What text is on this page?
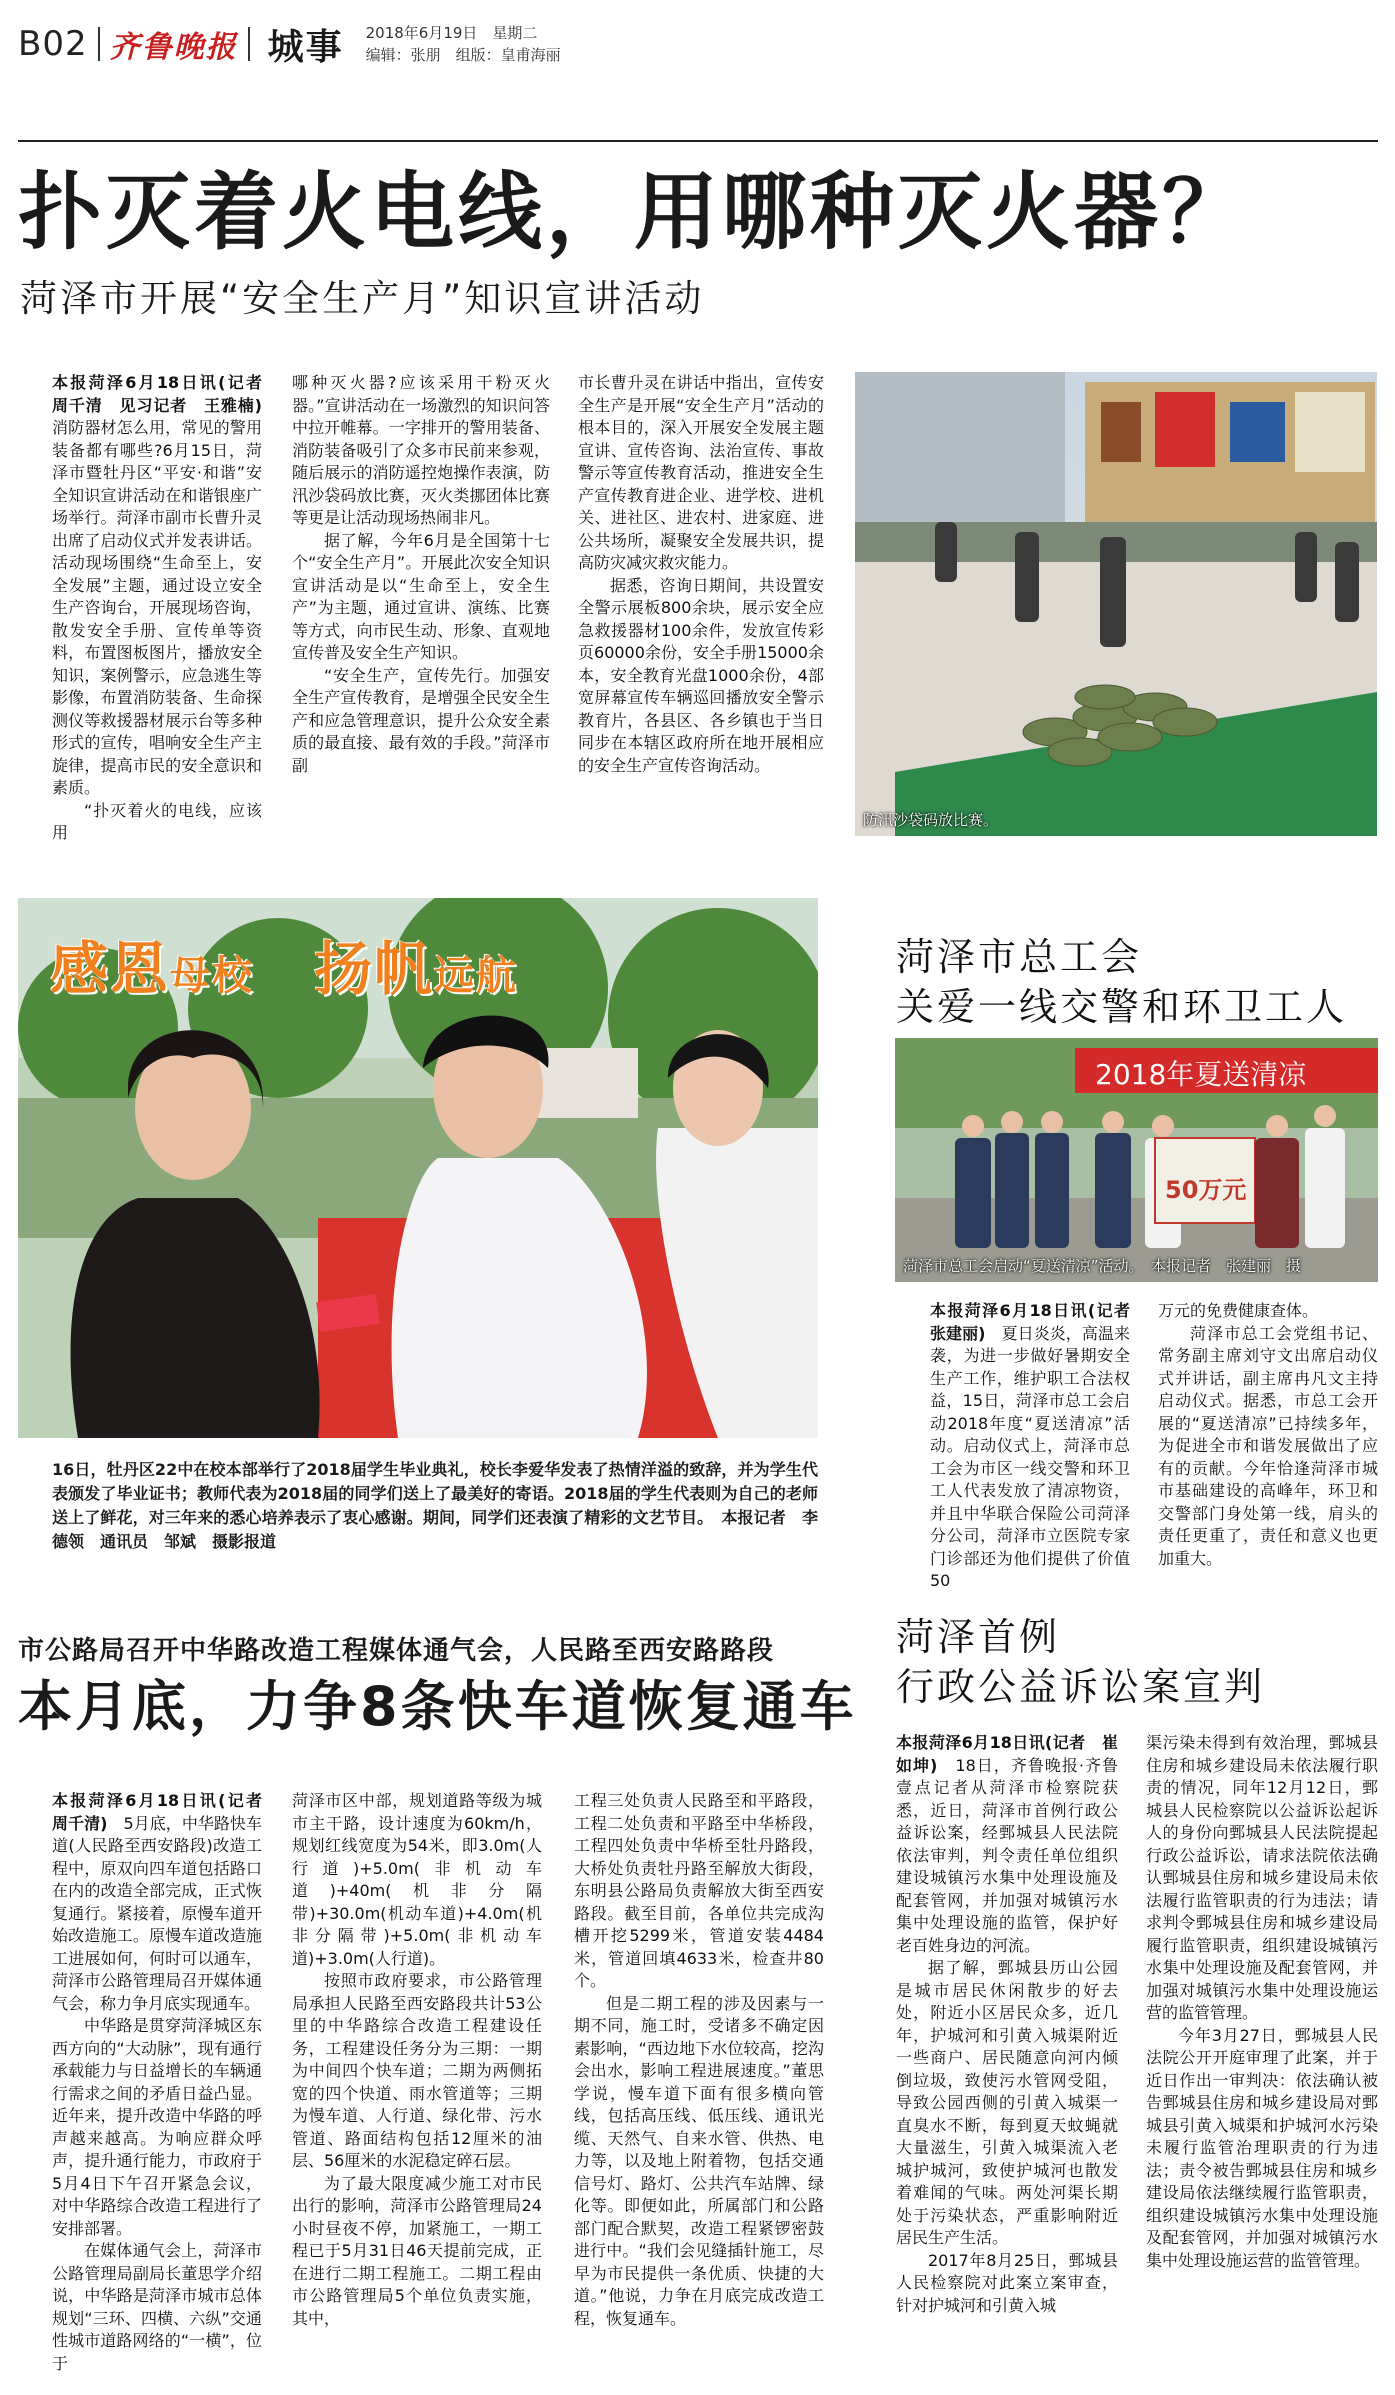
B02 齐鲁晚报 城事 2018年6月19日　星期二
编辑：张朋　组版：皇甫海丽
扑灭着火电线，用哪种灭火器？
菏泽市开展“安全生产月”知识宣讲活动

本报菏泽6月18日讯(记者　周千清　见习记者　王雅楠)　消防器材怎么用，常见的警用装备都有哪些?6月15日，菏泽市暨牡丹区“平安·和谐”安全知识宣讲活动在和谐银座广场举行。菏泽市副市长曹升灵出席了启动仪式并发表讲话。活动现场围绕“生命至上，安全发展”主题，通过设立安全生产咨询台，开展现场咨询，散发安全手册、宣传单等资料，布置图板图片，播放安全知识，案例警示，应急逃生等影像，布置消防装备、生命探测仪等救援器材展示台等多种形式的宣传，唱响安全生产主旋律，提高市民的安全意识和素质。

“扑灭着火的电线，应该用

哪种灭火器?应该采用干粉灭火器。”宣讲活动在一场激烈的知识问答中拉开帷幕。一字排开的警用装备、消防装备吸引了众多市民前来参观，随后展示的消防遥控炮操作表演，防汛沙袋码放比赛，灭火类挪团体比赛等更是让活动现场热闹非凡。

据了解，今年6月是全国第十七个“安全生产月”。开展此次安全知识宣讲活动是以“生命至上，安全生产”为主题，通过宣讲、演练、比赛等方式，向市民生动、形象、直观地宣传普及安全生产知识。

“安全生产，宣传先行。加强安全生产宣传教育，是增强全民安全生产和应急管理意识，提升公众安全素质的最直接、最有效的手段。”菏泽市副

市长曹升灵在讲话中指出，宣传安全生产是开展“安全生产月”活动的根本目的，深入开展安全发展主题宣讲、宣传咨询、法治宣传、事故警示等宣传教育活动，推进安全生产宣传教育进企业、进学校、进机关、进社区、进农村、进家庭、进公共场所，凝聚安全发展共识，提高防灾减灾救灾能力。

据悉，咨询日期间，共设置安全警示展板800余块，展示安全应急救援器材100余件，发放宣传彩页60000余份，安全手册15000余本，安全教育光盘1000余份，4部宽屏幕宣传车辆巡回播放安全警示教育片，各县区、各乡镇也于当日同步在本辖区政府所在地开展相应的安全生产宣传咨询活动。

防汛沙袋码放比赛。
感恩母校　 扬帆远航
16日，牡丹区22中在校本部举行了2018届学生毕业典礼，校长李爱华发表了热情洋溢的致辞，并为学生代表颁发了毕业证书；教师代表为2018届的同学们送上了最美好的寄语。2018届的学生代表则为自己的老师送上了鲜花，对三年来的悉心培养表示了衷心感谢。期间，同学们还表演了精彩的文艺节目。　本报记者　李德领　通讯员　邹斌　摄影报道
菏泽市总工会
关爱一线交警和环卫工人
2018年夏送清凉
50万元
菏泽市总工会启动“夏送清凉”活动。　本报记者　张建丽　摄

本报菏泽6月18日讯(记者　张建丽)　 夏日炎炎，高温来袭，为进一步做好暑期安全生产工作，维护职工合法权益，15日，菏泽市总工会启动2018年度“夏送清凉”活动。启动仪式上，菏泽市总工会为市区一线交警和环卫工人代表发放了清凉物资，并且中华联合保险公司菏泽分公司，菏泽市立医院专家门诊部还为他们提供了价值50

万元的免费健康查体。

菏泽市总工会党组书记、常务副主席刘守文出席启动仪式并讲话，副主席冉凡文主持启动仪式。据悉，市总工会开展的“夏送清凉”已持续多年，为促进全市和谐发展做出了应有的贡献。今年恰逢菏泽市城市基础建设的高峰年，环卫和交警部门身处第一线，肩头的责任更重了，责任和意义也更加重大。

菏泽首例
行政公益诉讼案宣判

本报菏泽6月18日讯(记者　崔如坤)　 18日，齐鲁晚报·齐鲁壹点记者从菏泽市检察院获悉，近日，菏泽市首例行政公益诉讼案，经鄄城县人民法院依法审判，判令责任单位组织建设城镇污水集中处理设施及配套管网，并加强对城镇污水集中处理设施的监管，保护好老百姓身边的河流。

据了解，鄄城县历山公园是城市居民休闲散步的好去处，附近小区居民众多，近几年，护城河和引黄入城渠附近一些商户、居民随意向河内倾倒垃圾，致使污水管网受阻，导致公园西侧的引黄入城渠一直臭水不断，每到夏天蚊蝇就大量滋生，引黄入城渠流入老城护城河，致使护城河也散发着难闻的气味。两处河渠长期处于污染状态，严重影响附近居民生产生活。

2017年8月25日，鄄城县人民检察院对此案立案审查，针对护城河和引黄入城

渠污染未得到有效治理，鄄城县住房和城乡建设局未依法履行职责的情况，同年12月12日，鄄城县人民检察院以公益诉讼起诉人的身份向鄄城县人民法院提起行政公益诉讼，请求法院依法确认鄄城县住房和城乡建设局未依法履行监管职责的行为违法；请求判令鄄城县住房和城乡建设局履行监管职责，组织建设城镇污水集中处理设施及配套管网，并加强对城镇污水集中处理设施运营的监管管理。

今年3月27日，鄄城县人民法院公开开庭审理了此案，并于近日作出一审判决：依法确认被告鄄城县住房和城乡建设局对鄄城县引黄入城渠和护城河水污染未履行监管治理职责的行为违法；责令被告鄄城县住房和城乡建设局依法继续履行监管职责，组织建设城镇污水集中处理设施及配套管网，并加强对城镇污水集中处理设施运营的监管管理。

市公路局召开中华路改造工程媒体通气会，人民路至西安路路段
本月底，力争8条快车道恢复通车

本报菏泽6月18日讯(记者　周千清)　 5月底，中华路快车道(人民路至西安路段)改造工程中，原双向四车道包括路口在内的改造全部完成，正式恢复通行。紧接着，原慢车道开始改造施工。原慢车道改造施工进展如何，何时可以通车，菏泽市公路管理局召开媒体通气会，称力争月底实现通车。

中华路是贯穿菏泽城区东西方向的“大动脉”，现有通行承载能力与日益增长的车辆通行需求之间的矛盾日益凸显。近年来，提升改造中华路的呼声越来越高。为响应群众呼声，提升通行能力，市政府于5月4日下午召开紧急会议，对中华路综合改造工程进行了安排部署。

在媒体通气会上，菏泽市公路管理局副局长董思学介绍说，中华路是菏泽市城市总体规划“三环、四横、六纵”交通性城市道路网络的“一横”，位于

菏泽市区中部，规划道路等级为城市主干路，设计速度为60km/h，规划红线宽度为54米，即3.0m(人行道)+5.0m(非机动车道)+40m(机非分隔带)+30.0m(机动车道)+4.0m(机非分隔带)+5.0m(非机动车道)+3.0m(人行道)。

按照市政府要求，市公路管理局承担人民路至西安路段共计53公里的中华路综合改造工程建设任务，工程建设任务分为三期：一期为中间四个快车道；二期为两侧拓宽的四个快道、雨水管道等；三期为慢车道、人行道、绿化带、污水管道、路面结构包括12厘米的油层、56厘米的水泥稳定碎石层。

为了最大限度减少施工对市民出行的影响，菏泽市公路管理局24小时昼夜不停，加紧施工，一期工程已于5月31日46天提前完成，正在进行二期工程施工。二期工程由市公路管理局5个单位负责实施，其中，

工程三处负责人民路至和平路段，工程二处负责和平路至中华桥段，工程四处负责中华桥至牡丹路段，大桥处负责牡丹路至解放大街段，东明县公路局负责解放大街至西安路段。截至目前，各单位共完成沟槽开挖5299米，管道安装4484米，管道回填4633米，检查井80个。

但是二期工程的涉及因素与一期不同，施工时，受诸多不确定因素影响，“西边地下水位较高，挖沟会出水，影响工程进展速度。”董思学说，慢车道下面有很多横向管线，包括高压线、低压线、通讯光缆、天然气、自来水管、供热、电力等，以及地上附着物，包括交通信号灯、路灯、公共汽车站牌、绿化等。即便如此，所属部门和公路部门配合默契，改造工程紧锣密鼓进行中。“我们会见缝插针施工，尽早为市民提供一条优质、快捷的大道。”他说，力争在月底完成改造工程，恢复通车。
